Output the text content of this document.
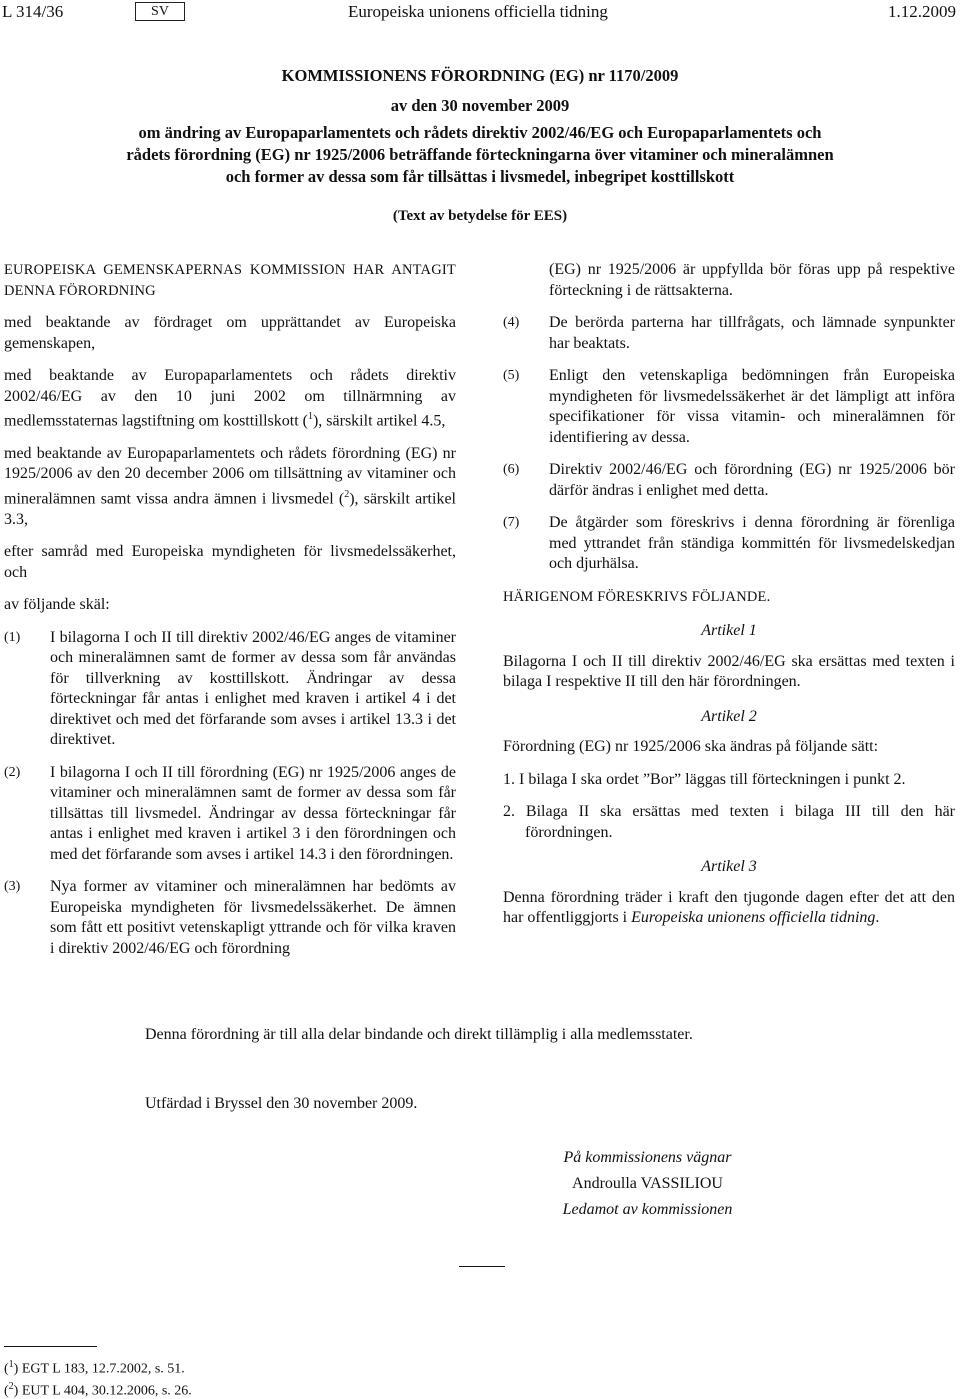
L 314/36	SV	Europeiska unionens officiella tidning	1.12.2009
KOMMISSIONENS FÖRORDNING (EG) nr 1170/2009
av den 30 november 2009
om ändring av Europaparlamentets och rådets direktiv 2002/46/EG och Europaparlamentets och
rådets förordning (EG) nr 1925/2006 beträffande förteckningarna över vitaminer och mineralämnen
och former av dessa som får tillsättas i livsmedel, inbegripet kosttillskott
(Text av betydelse för EES)

EUROPEISKA GEMENSKAPERNAS KOMMISSION HAR ANTAGIT DENNA FÖRORDNING

med beaktande av fördraget om upprättandet av Europeiska gemenskapen,

med beaktande av Europaparlamentets och rådets direktiv 2002/46/EG av den 10 juni 2002 om tillnärmning av medlemsstaternas lagstiftning om kosttillskott ($^1$), särskilt artikel 4.5,

med beaktande av Europaparlamentets och rådets förordning (EG) nr 1925/2006 av den 20 december 2006 om tillsättning av vitaminer och mineralämnen samt vissa andra ämnen i livsmedel ($^2$), särskilt artikel 3.3,

efter samråd med Europeiska myndigheten för livsmedelssäkerhet, och

av följande skäl:

(1) I bilagorna I och II till direktiv 2002/46/EG anges de vitaminer och mineralämnen samt de former av dessa som får användas för tillverkning av kosttillskott. Ändringar av dessa förteckningar får antas i enlighet med kraven i artikel 4 i det direktivet och med det förfarande som avses i artikel 13.3 i det direktivet.
(2) I bilagorna I och II till förordning (EG) nr 1925/2006 anges de vitaminer och mineralämnen samt de former av dessa som får tillsättas till livsmedel. Ändringar av dessa förteckningar får antas i enlighet med kraven i artikel 3 i den förordningen och med det förfarande som avses i artikel 14.3 i den förordningen.
(3) Nya former av vitaminer och mineralämnen har bedömts av Europeiska myndigheten för livsmedelssäkerhet. De ämnen som fått ett positivt vetenskapligt yttrande och för vilka kraven i direktiv 2002/46/EG och förordning
(EG) nr 1925/2006 är uppfyllda bör föras upp på respektive förteckning i de rättsakterna.
(4) De berörda parterna har tillfrågats, och lämnade synpunkter har beaktats.
(5) Enligt den vetenskapliga bedömningen från Europeiska myndigheten för livsmedelssäkerhet är det lämpligt att införa specifikationer för vissa vitamin- och mineralämnen för identifiering av dessa.
(6) Direktiv 2002/46/EG och förordning (EG) nr 1925/2006 bör därför ändras i enlighet med detta.
(7) De åtgärder som föreskrivs i denna förordning är förenliga med yttrandet från ständiga kommittén för livsmedelskedjan och djurhälsa.

HÄRIGENOM FÖRESKRIVS FÖLJANDE.

Artikel 1

Bilagorna I och II till direktiv 2002/46/EG ska ersättas med texten i bilaga I respektive II till den här förordningen.

Artikel 2

Förordning (EG) nr 1925/2006 ska ändras på följande sätt:

1. I bilaga I ska ordet ”Bor” läggas till förteckningen i punkt 2.

2. Bilaga II ska ersättas med texten i bilaga III till den här förordningen.

Artikel 3

Denna förordning träder i kraft den tjugonde dagen efter det att den har offentliggjorts i Europeiska unionens officiella tidning.

Denna förordning är till alla delar bindande och direkt tillämplig i alla medlemsstater.
Utfärdad i Bryssel den 30 november 2009.
På kommissionens vägnar
Androulla VASSILIOU
Ledamot av kommissionen
($^1$) EGT L 183, 12.7.2002, s. 51.
($^2$) EUT L 404, 30.12.2006, s. 26.
